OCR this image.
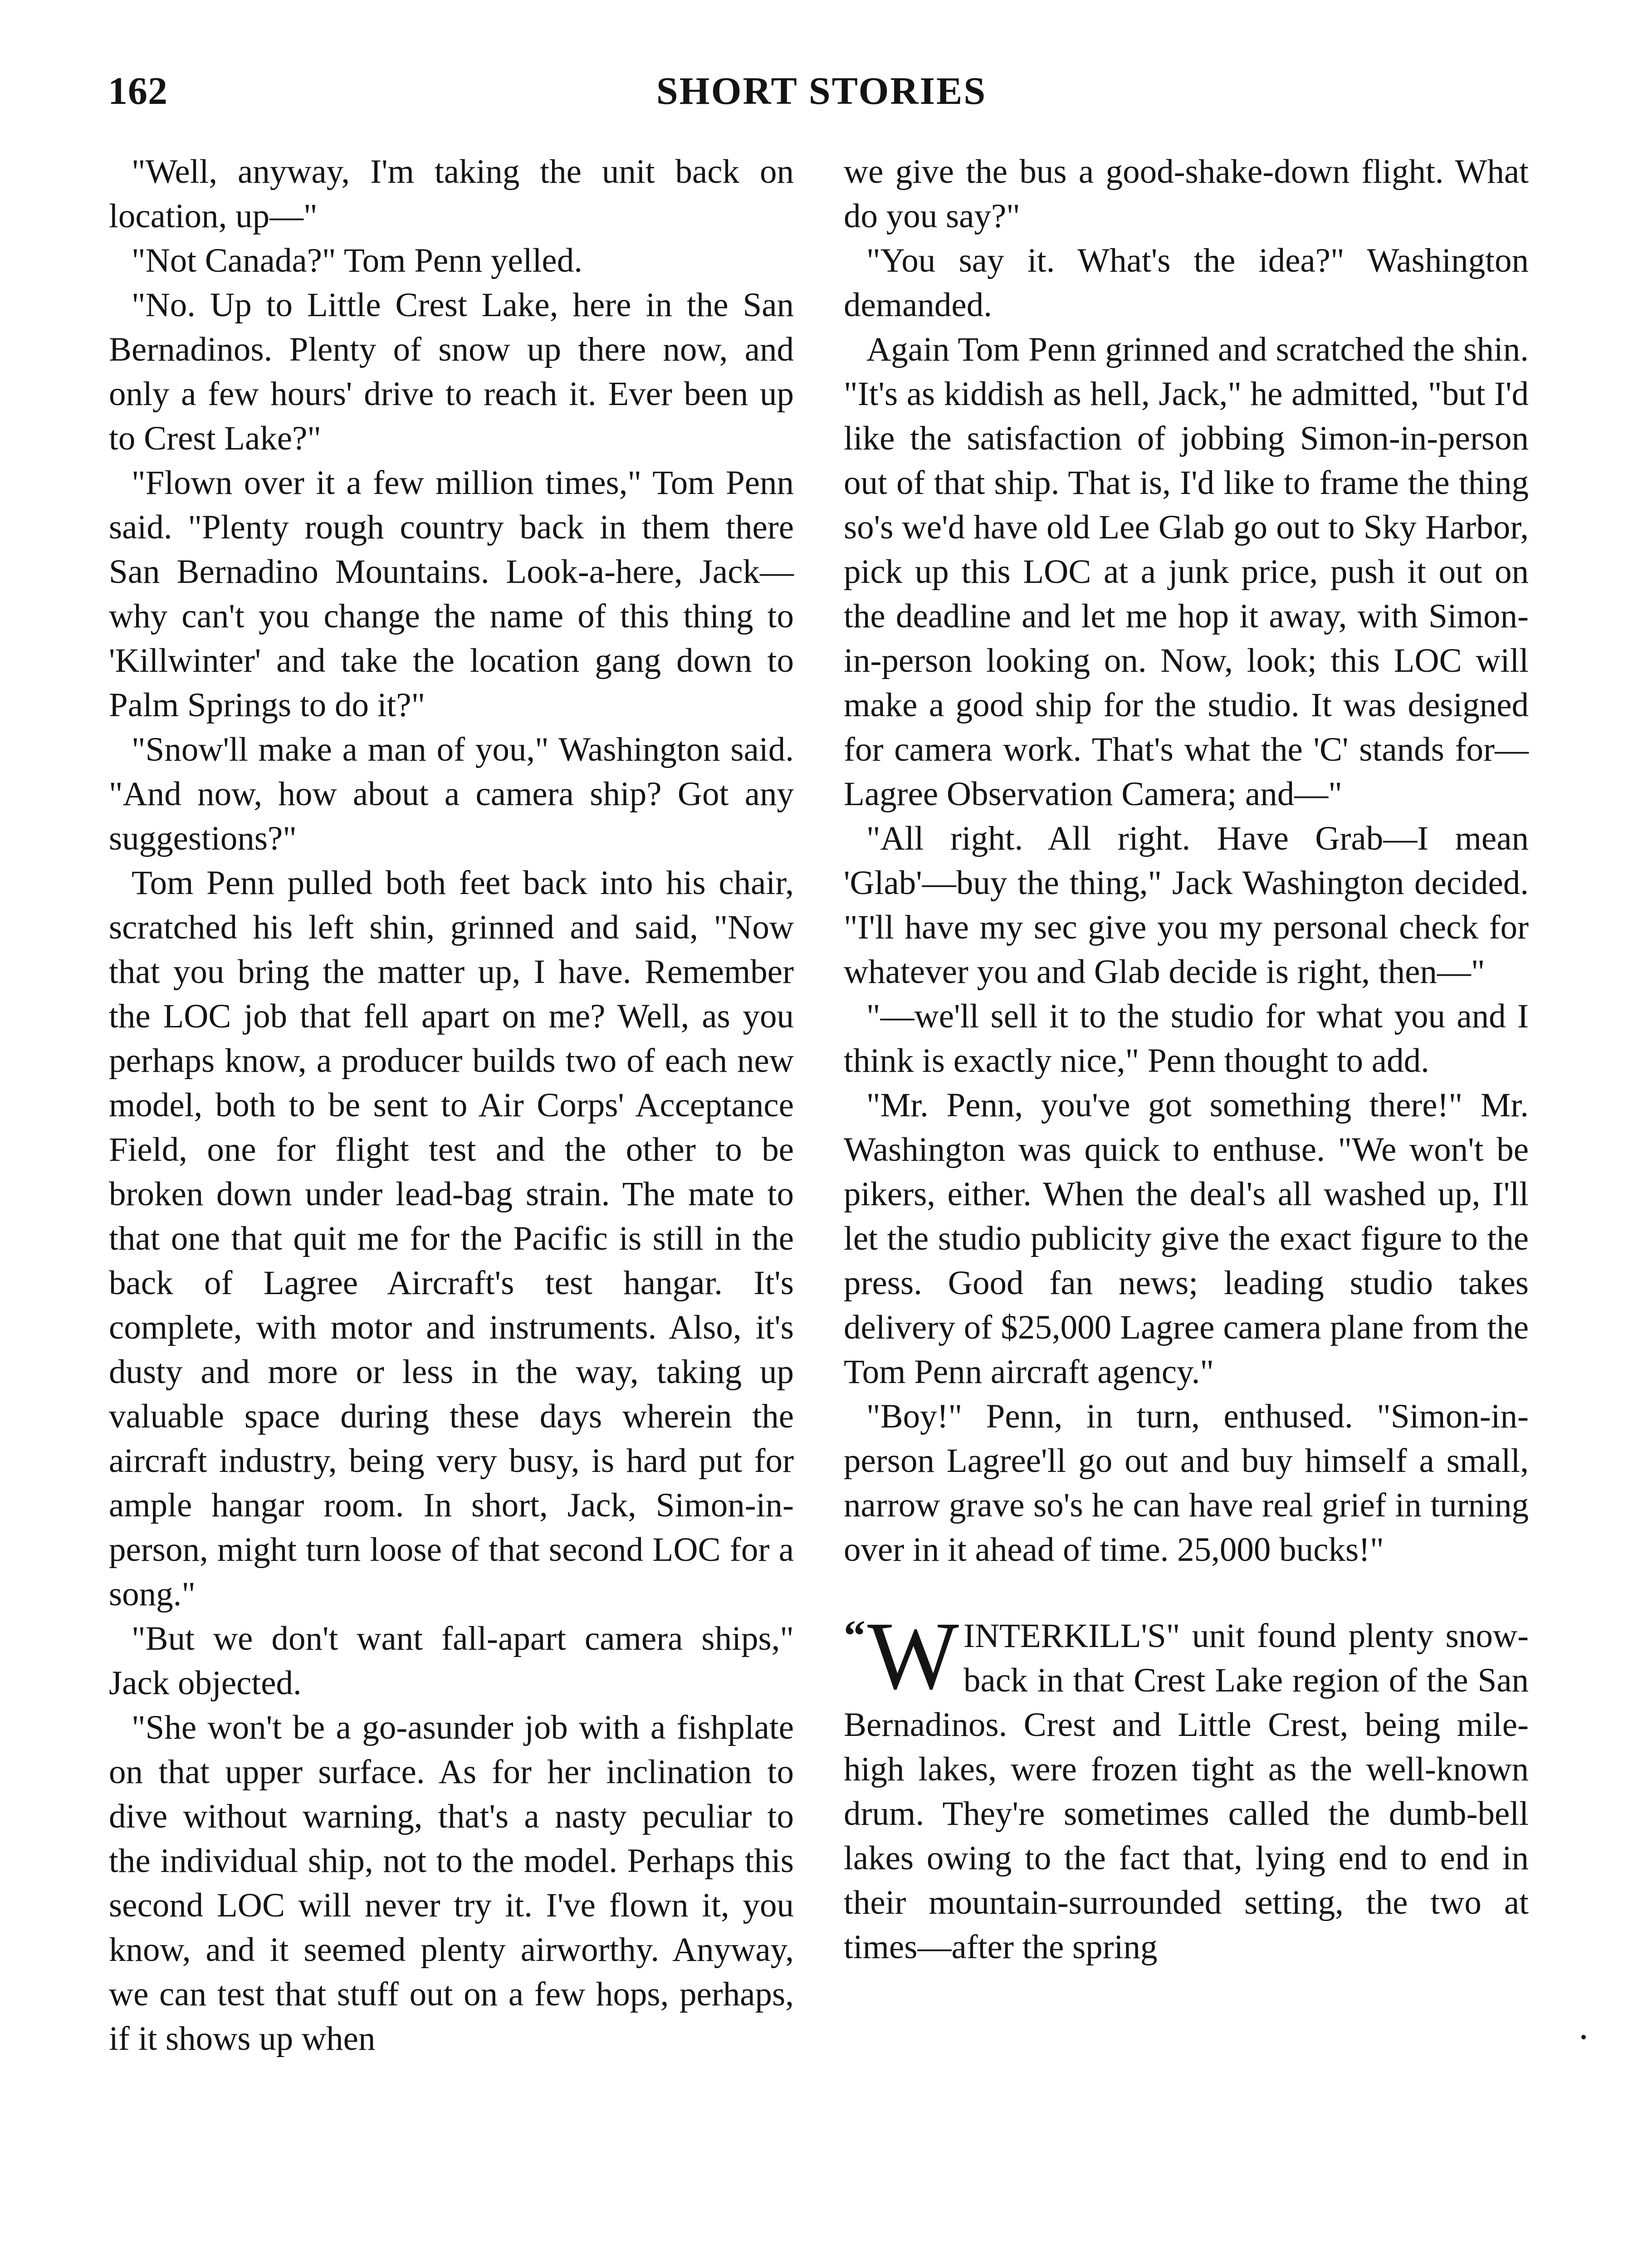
162	SHORT STORIES

"Well, anyway, I'm taking the unit back on location, up—"

"Not Canada?" Tom Penn yelled.

"No. Up to Little Crest Lake, here in the San Bernadinos. Plenty of snow up there now, and only a few hours' drive to reach it. Ever been up to Crest Lake?"

"Flown over it a few million times," Tom Penn said. "Plenty rough country back in them there San Bernadino Mountains. Look-a-here, Jack—why can't you change the name of this thing to 'Killwinter' and take the location gang down to Palm Springs to do it?"

"Snow'll make a man of you," Washington said. "And now, how about a camera ship? Got any suggestions?"

Tom Penn pulled both feet back into his chair, scratched his left shin, grinned and said, "Now that you bring the matter up, I have. Remember the LOC job that fell apart on me? Well, as you perhaps know, a producer builds two of each new model, both to be sent to Air Corps' Acceptance Field, one for flight test and the other to be broken down under lead-bag strain. The mate to that one that quit me for the Pacific is still in the back of Lagree Aircraft's test hangar. It's complete, with motor and instruments. Also, it's dusty and more or less in the way, taking up valuable space during these days wherein the aircraft industry, being very busy, is hard put for ample hangar room. In short, Jack, Simon-in-person, might turn loose of that second LOC for a song."

"But we don't want fall-apart camera ships," Jack objected.

"She won't be a go-asunder job with a fishplate on that upper surface. As for her inclination to dive without warning, that's a nasty peculiar to the individual ship, not to the model. Perhaps this second LOC will never try it. I've flown it, you know, and it seemed plenty airworthy. Anyway, we can test that stuff out on a few hops, perhaps, if it shows up when

we give the bus a good-shake-down flight. What do you say?"

"You say it. What's the idea?" Washington demanded.

Again Tom Penn grinned and scratched the shin. "It's as kiddish as hell, Jack," he admitted, "but I'd like the satisfaction of jobbing Simon-in-person out of that ship. That is, I'd like to frame the thing so's we'd have old Lee Glab go out to Sky Harbor, pick up this LOC at a junk price, push it out on the deadline and let me hop it away, with Simon-in-person looking on. Now, look; this LOC will make a good ship for the studio. It was designed for camera work. That's what the 'C' stands for—Lagree Observation Camera; and—"

"All right. All right. Have Grab—I mean 'Glab'—buy the thing," Jack Washington decided. "I'll have my sec give you my personal check for whatever you and Glab decide is right, then—"

"—we'll sell it to the studio for what you and I think is exactly nice," Penn thought to add.

"Mr. Penn, you've got something there!" Mr. Washington was quick to enthuse. "We won't be pikers, either. When the deal's all washed up, I'll let the studio publicity give the exact figure to the press. Good fan news; leading studio takes delivery of $25,000 Lagree camera plane from the Tom Penn aircraft agency."

"Boy!" Penn, in turn, enthused. "Simon-in-person Lagree'll go out and buy himself a small, narrow grave so's he can have real grief in turning over in it ahead of time. 25,000 bucks!"

“ W INTERKILL'S" unit found plenty snow-back in that Crest Lake region of the San Bernadinos. Crest and Little Crest, being mile-high lakes, were frozen tight as the well-known drum. They're sometimes called the dumb-bell lakes owing to the fact that, lying end to end in their mountain-surrounded setting, the two at times—after the spring
